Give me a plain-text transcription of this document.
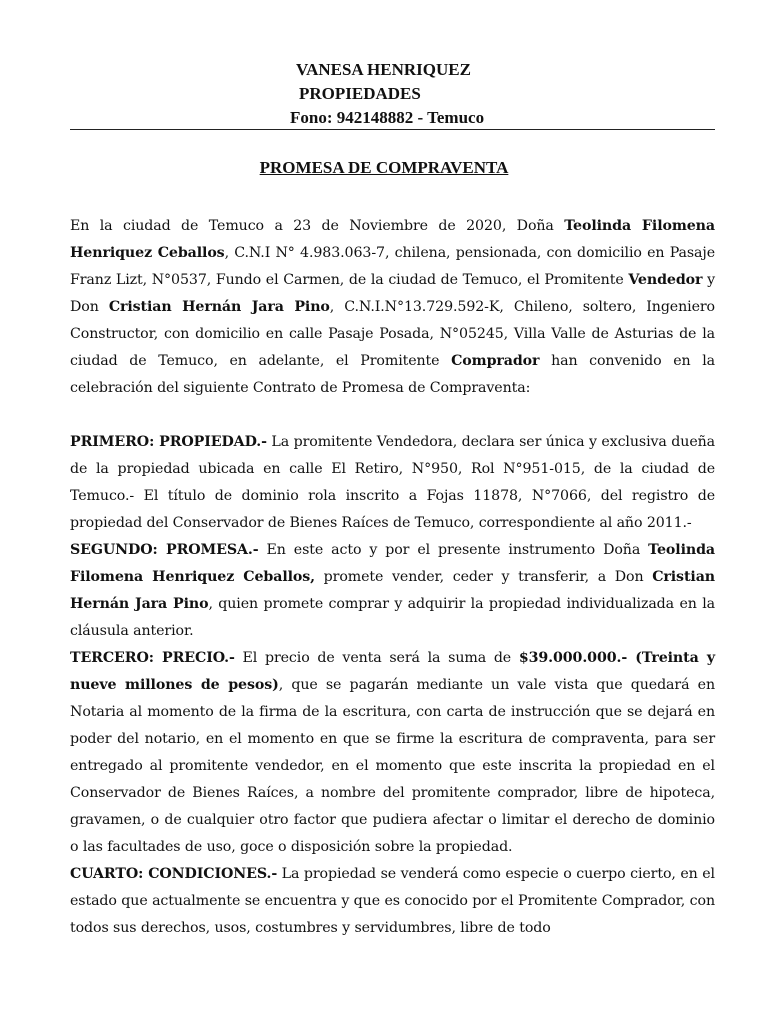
VANESA HENRIQUEZ
PROPIEDADES
Fono: 942148882 - Temuco
PROMESA DE COMPRAVENTA

En la ciudad de Temuco a 23 de Noviembre de 2020, Doña Teolinda Filomena Henriquez Ceballos, C.N.I N° 4.983.063-7, chilena, pensionada, con domicilio en Pasaje Franz Lizt, N°0537, Fundo el Carmen, de la ciudad de Temuco, el Promitente Vendedor y Don Cristian Hernán Jara Pino, C.N.I.N°13.729.592-K, Chileno, soltero, Ingeniero Constructor, con domicilio en calle Pasaje Posada, N°05245, Villa Valle de Asturias de la ciudad de Temuco, en adelante, el Promitente Comprador han convenido en la celebración del siguiente Contrato de Promesa de Compraventa:

PRIMERO: PROPIEDAD.- La promitente Vendedora, declara ser única y exclusiva dueña de la propiedad ubicada en calle El Retiro, N°950, Rol N°951-015, de la ciudad de Temuco.- El título de dominio rola inscrito a Fojas 11878, N°7066, del registro de propiedad del Conservador de Bienes Raíces de Temuco, correspondiente al año 2011.-

SEGUNDO: PROMESA.- En este acto y por el presente instrumento Doña Teolinda Filomena Henriquez Ceballos, promete vender, ceder y transferir, a Don Cristian Hernán Jara Pino, quien promete comprar y adquirir la propiedad individualizada en la cláusula anterior.

TERCERO: PRECIO.- El precio de venta será la suma de $39.000.000.- (Treinta y nueve millones de pesos), que se pagarán mediante un vale vista que quedará en Notaria al momento de la firma de la escritura, con carta de instrucción que se dejará en poder del notario, en el momento en que se firme la escritura de compraventa, para ser entregado al promitente vendedor, en el momento que este inscrita la propiedad en el Conservador de Bienes Raíces, a nombre del promitente comprador, libre de hipoteca, gravamen, o de cualquier otro factor que pudiera afectar o limitar el derecho de dominio o las facultades de uso, goce o disposición sobre la propiedad.

CUARTO: CONDICIONES.- La propiedad se venderá como especie o cuerpo cierto, en el estado que actualmente se encuentra y que es conocido por el Promitente Comprador, con todos sus derechos, usos, costumbres y servidumbres, libre de todo
